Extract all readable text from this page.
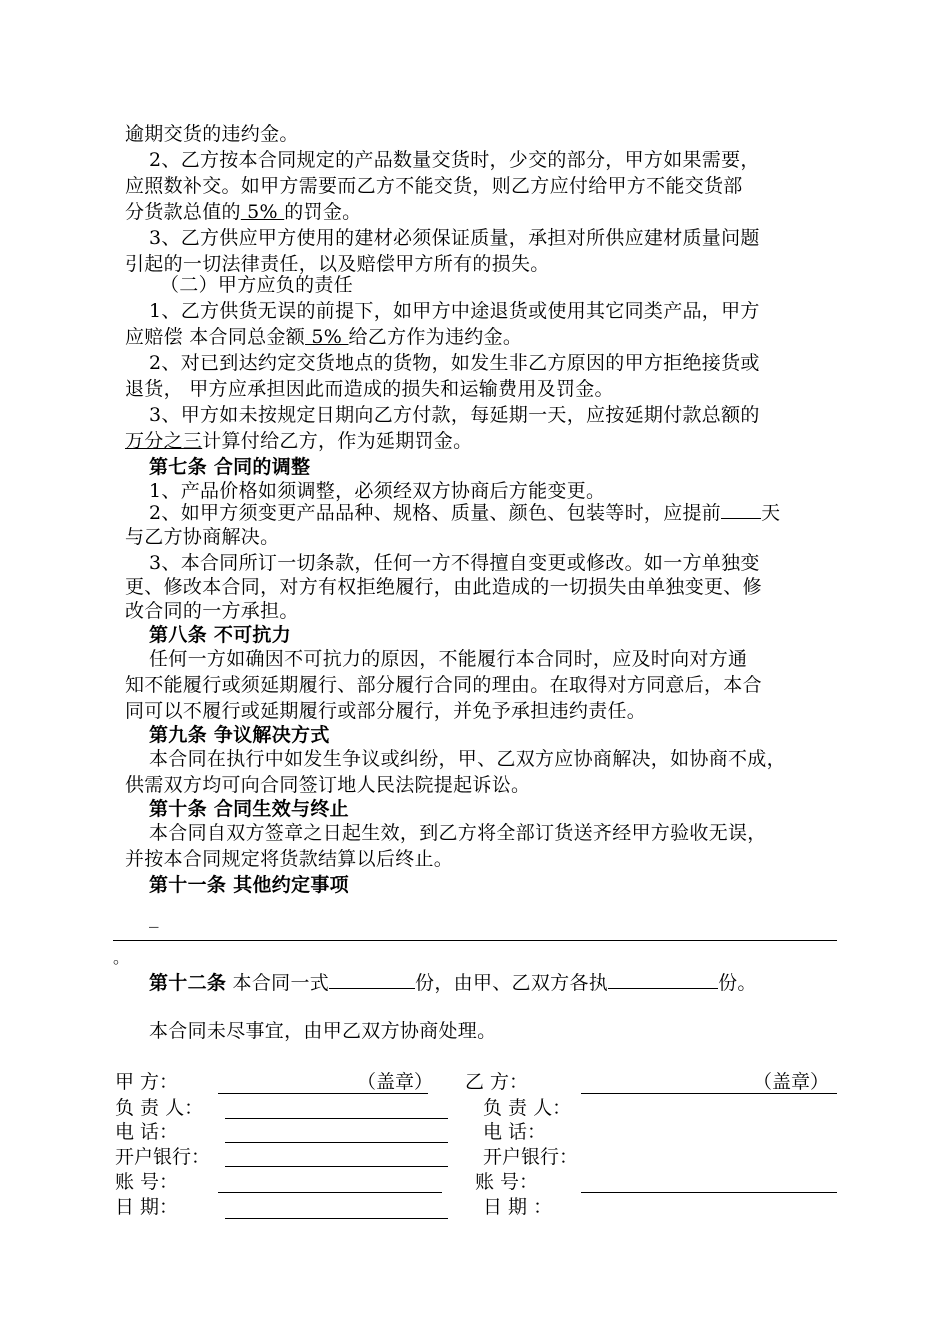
逾期交货的违约金。
2、乙方按本合同规定的产品数量交货时，少交的部分，甲方如果需要，
应照数补交。如甲方需要而乙方不能交货，则乙方应付给甲方不能交货部
分货款总值的 5% 的罚金。
3、乙方供应甲方使用的建材必须保证质量，承担对所供应建材质量问题
引起的一切法律责任，以及赔偿甲方所有的损失。
（二）甲方应负的责任
1、乙方供货无误的前提下，如甲方中途退货或使用其它同类产品，甲方
应赔偿 本合同总金额 5% 给乙方作为违约金。
2、对已到达约定交货地点的货物，如发生非乙方原因的甲方拒绝接货或
退货， 甲方应承担因此而造成的损失和运输费用及罚金。
3、甲方如未按规定日期向乙方付款，每延期一天，应按延期付款总额的
万分之三计算付给乙方，作为延期罚金。
第七条 合同的调整
1、产品价格如须调整，必须经双方协商后方能变更。
2、如甲方须变更产品品种、规格、质量、颜色、包装等时，应提前 天
与乙方协商解决。
3、本合同所订一切条款，任何一方不得擅自变更或修改。如一方单独变
更、修改本合同，对方有权拒绝履行，由此造成的一切损失由单独变更、修
改合同的一方承担。
第八条 不可抗力
任何一方如确因不可抗力的原因，不能履行本合同时，应及时向对方通
知不能履行或须延期履行、部分履行合同的理由。在取得对方同意后，本合
同可以不履行或延期履行或部分履行，并免予承担违约责任。
第九条 争议解决方式
本合同在执行中如发生争议或纠纷，甲、乙双方应协商解决，如协商不成，
供需双方均可向合同签订地人民法院提起诉讼。
第十条 合同生效与终止
本合同自双方签章之日起生效，到乙方将全部订货送齐经甲方验收无误，
并按本合同规定将货款结算以后终止。
第十一条 其他约定事项
_
。
第十二条 本合同一式	份，由甲、乙双方各执	份。
本合同未尽事宜，由甲乙双方协商处理。
甲 方：	（盖章） 乙 方：	（盖章）
负 责 人：	负 责 人：
电 话：	电 话：
开户银行：	开户银行：
账 号：	账 号：
日 期：	日 期 ：
